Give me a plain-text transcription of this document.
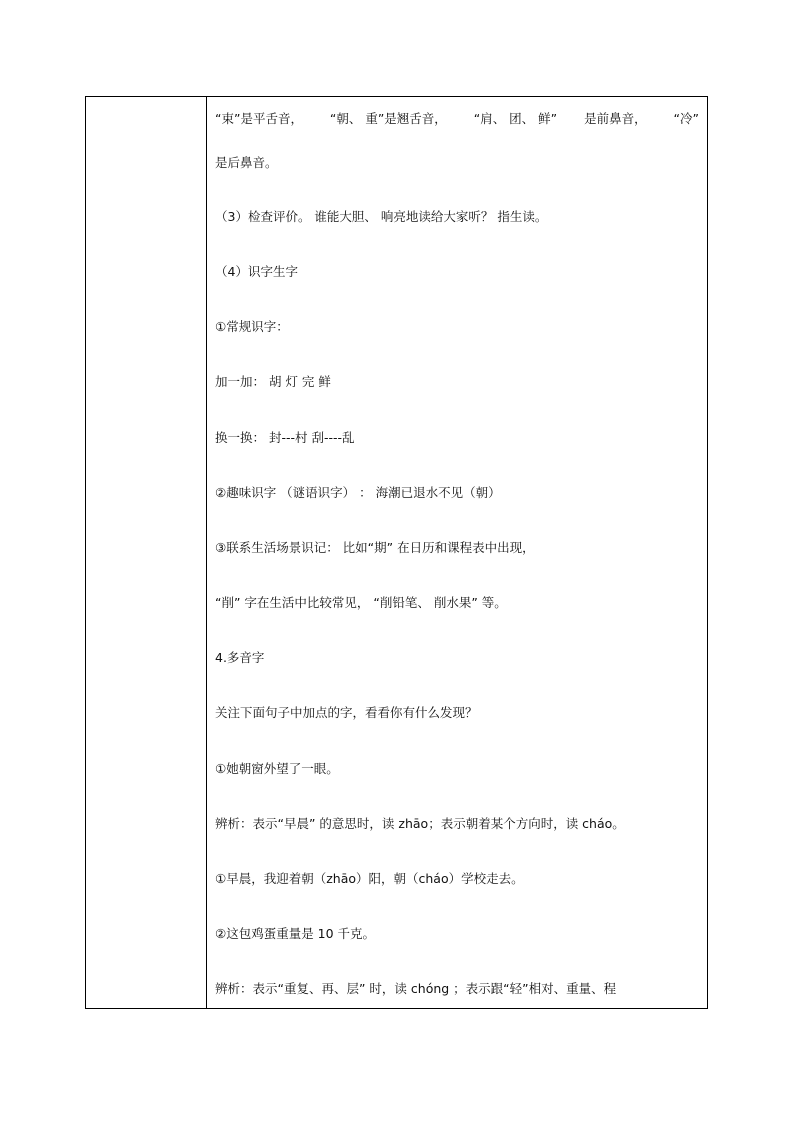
“束”是平舌音， “朝、 重”是翘舌音， “肩、 团、 鲜” 是前鼻音， “冷”
是后鼻音。
（3）检查评价。 谁能大胆、 响亮地读给大家听？ 指生读。
（4）识字生字
①常规识字：
加一加： 胡 灯 完 鲜
换一换： 封---村 刮----乱
②趣味识字 （谜语识字） ： 海潮已退水不见（朝）
③联系生活场景识记： 比如“期” 在日历和课程表中出现，
“削” 字在生活中比较常见， “削铅笔、 削水果” 等。
4.多音字
关注下面句子中加点的字，看看你有什么发现？
①她朝窗外望了一眼。
辨析：表示“早晨” 的意思时，读 zhāo；表示朝着某个方向时，读 cháo。
①早晨，我迎着朝（zhāo）阳，朝（cháo）学校走去。
②这包鸡蛋重量是 10 千克。
辨析：表示“重复、再、层” 时，读 chóng ；表示跟“轻”相对、重量、程
